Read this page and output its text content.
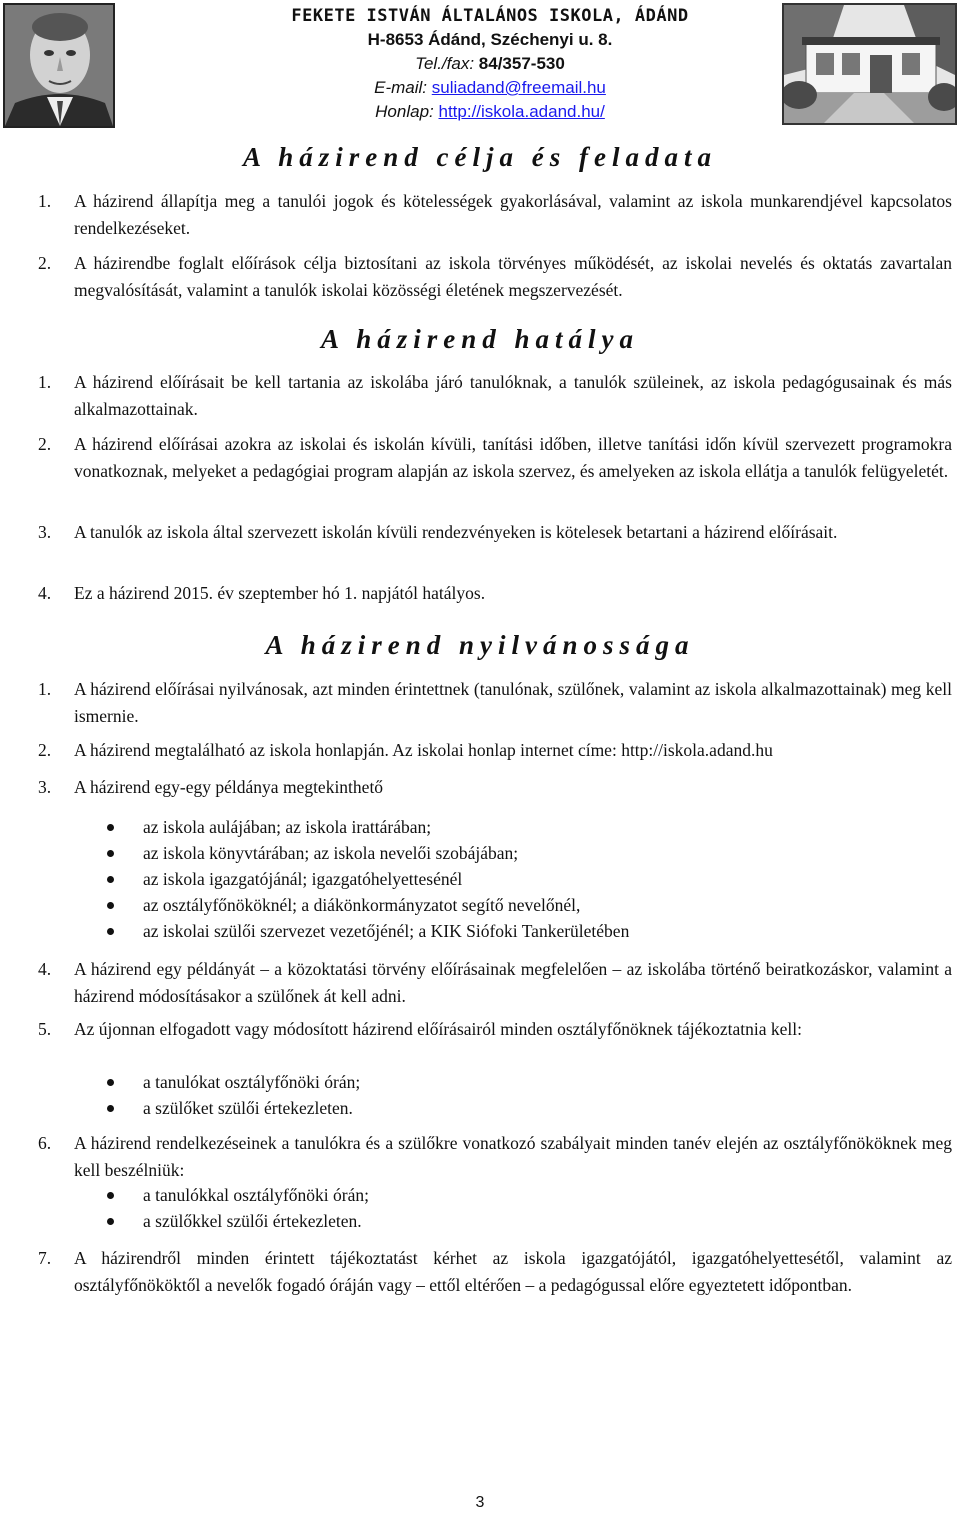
FEKETE ISTVÁN ÁLTALÁNOS ISKOLA, ÁDÁND
H-8653 Ádánd, Széchenyi u. 8.
Tel./fax: 84/357-530
E-mail: suliadand@freemail.hu
Honlap: http://iskola.adand.hu/
A házirend célja és feladata
1.	A házirend állapítja meg a tanulói jogok és kötelességek gyakorlásával, valamint az iskola munkarendjével kapcsolatos rendelkezéseket.
2.	A házirendbe foglalt előírások célja biztosítani az iskola törvényes működését, az iskolai nevelés és oktatás zavartalan megvalósítását, valamint a tanulók iskolai közösségi életének megszervezését.
A házirend hatálya
1.	A házirend előírásait be kell tartania az iskolába járó tanulóknak, a tanulók szüleinek, az iskola pedagógusainak és más alkalmazottainak.
2.	A házirend előírásai azokra az iskolai és iskolán kívüli, tanítási időben, illetve tanítási időn kívül szervezett programokra vonatkoznak, melyeket a pedagógiai program alapján az iskola szervez, és amelyeken az iskola ellátja a tanulók felügyeletét.
3.	A tanulók az iskola által szervezett iskolán kívüli rendezvényeken is kötelesek betartani a házirend előírásait.
4.	Ez a házirend 2015. év szeptember hó 1. napjától hatályos.
A házirend nyilvánossága
1.	A házirend előírásai nyilvánosak, azt minden érintettnek (tanulónak, szülőnek, valamint az iskola alkalmazottainak) meg kell ismernie.
2.	A házirend megtalálható az iskola honlapján. Az iskolai honlap internet címe: http://iskola.adand.hu
3.	A házirend egy-egy példánya megtekinthető
az iskola aulájában; az iskola irattárában;
az iskola könyvtárában; az iskola nevelői szobájában;
az iskola igazgatójánál; igazgatóhelyettesénél
az osztályfőnököknél; a diákönkormányzatot segítő nevelőnél,
az iskolai szülői szervezet vezetőjénél; a KIK Siófoki Tankerületében
4.	A házirend egy példányát – a közoktatási törvény előírásainak megfelelően – az iskolába történő beiratkozáskor, valamint a házirend módosításakor a szülőnek át kell adni.
5.	Az újonnan elfogadott vagy módosított házirend előírásairól minden osztályfőnöknek tájékoztatnia kell:
a tanulókat osztályfőnöki órán;
a szülőket szülői értekezleten.
6.	A házirend rendelkezéseinek a tanulókra és a szülőkre vonatkozó szabályait minden tanév elején az osztályfőnököknek meg kell beszélniük:
a tanulókkal osztályfőnöki órán;
a szülőkkel szülői értekezleten.
7.	A házirendről minden érintett tájékoztatást kérhet az iskola igazgatójától, igazgatóhelyettesétől, valamint az osztályfőnököktől a nevelők fogadó óráján vagy – ettől eltérően – a pedagógussal előre egyeztetett időpontban.
3
